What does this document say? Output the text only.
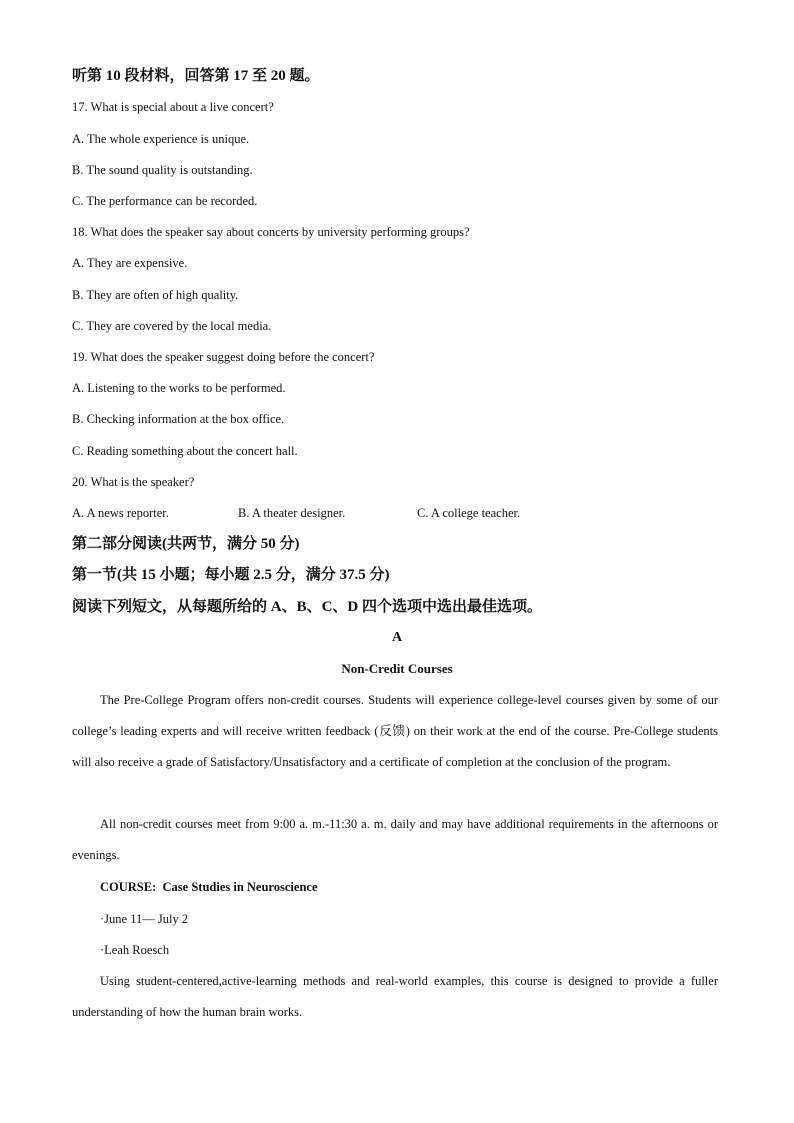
听第 10 段材料，回答第 17 至 20 题。
17. What is special about a live concert?
A. The whole experience is unique.
B. The sound quality is outstanding.
C. The performance can be recorded.
18. What does the speaker say about concerts by university performing groups?
A. They are expensive.
B. They are often of high quality.
C. They are covered by the local media.
19. What does the speaker suggest doing before the concert?
A. Listening to the works to be performed.
B. Checking information at the box office.
C. Reading something about the concert hall.
20. What is the speaker?
A. A news reporter.	B. A theater designer.	C. A college teacher.
第二部分阅读(共两节，满分 50 分)
第一节(共 15 小题；每小题 2.5 分，满分 37.5 分)
阅读下列短文，从每题所给的 A、B、C、D 四个选项中选出最佳选项。
A
Non-Credit Courses
The Pre-College Program offers non-credit courses. Students will experience college-level courses given by some of our college’s leading experts and will receive written feedback (反馈) on their work at the end of the course. Pre-College students will also receive a grade of Satisfactory/Unsatisfactory and a certificate of completion at the conclusion of the program.
All non-credit courses meet from 9:00 a. m.-11:30 a. m. daily and may have additional requirements in the afternoons or evenings.
COURSE: Case Studies in Neuroscience
·June 11— July 2
·Leah Roesch
Using student-centered,active-learning methods and real-world examples, this course is designed to provide a fuller understanding of how the human brain works.
